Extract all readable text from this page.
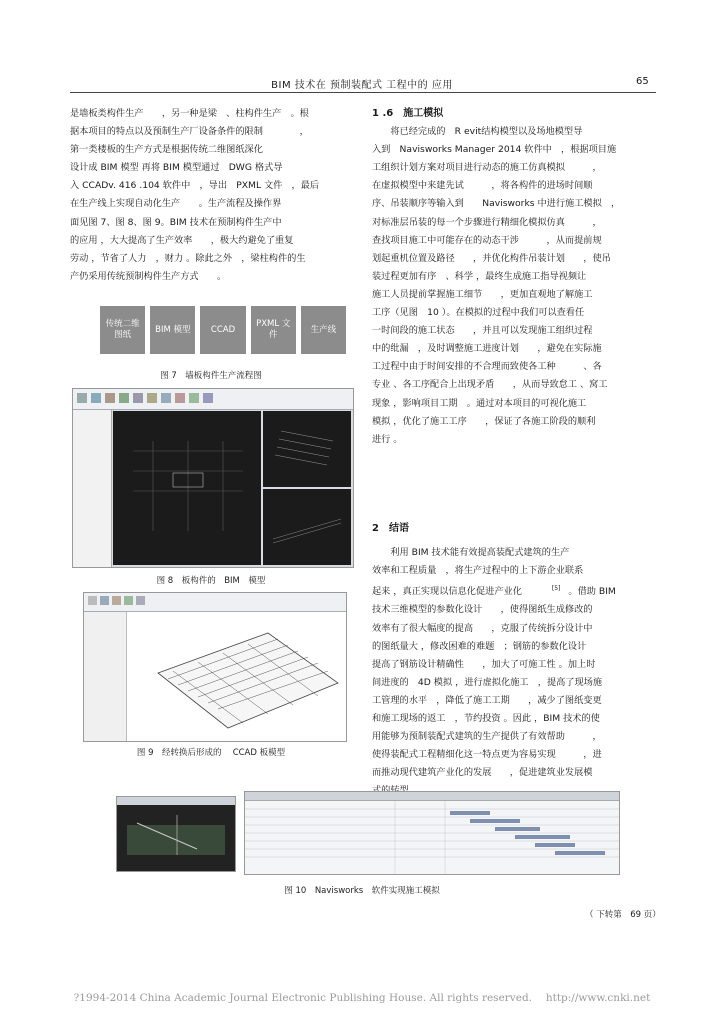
BIM 技术在 预制装配式 工程中的 应用	65
是墙板类构件生产　　，另一种是梁　、柱构件生产　。根
据本项目的特点以及预制生产厂设备条件的限制　　　　，
第一类楼板的生产方式是根据传统二维图纸深化
设计成 BIM 模型 再将 BIM 模型通过　DWG 格式导
入 CCADv. 416 .104 软件中　，导出　PXML 文件　，最后
在生产线上实现自动化生产　　。生产流程及操作界
面见图 7、图 8、图 9。BIM 技术在预制构件生产中
的应用 ，大大提高了生产效率　　，极大约避免了重复
劳动 ，节省了人力　，财力 。除此之外　，梁柱构件的生
产仍采用传统预制构件生产方式　　。
传统二维图纸
BIM 模型	CCAD
PXML 文件
生产线
图 7　墙板构件生产流程图
图 8　板构件的　BIM　模型
图 9　经转换后形成的　 CCAD 板模型
1 .6　施工模拟
　　将已经完成的　R evit结构模型以及场地模型导
入到　Navisworks Manager 2014 软件中　，根据项目施
工组织计划方案对项目进行动态的施工仿真模拟　　　，
在虚拟模型中来建先试　　　，将各构件的进场时间顺
序、吊装顺序等输入到　　Navisworks 中进行施工模拟　，
对标准层吊装的每一个步骤进行精细化模拟仿真　　　，
查找项目施工中可能存在的动态干涉　　　，从而提前规
划起重机位置及路径　　，并优化构件吊装计划　　，使吊
装过程更加有序　、科学 ，最终生成施工指导视频让
施工人员提前掌握施工细节　　，更加直观地了解施工
工序（见图　10 ）。在模拟的过程中我们可以查看任
一时间段的施工状态　　，并且可以发现施工组织过程
中的纰漏　，及时调整施工进度计划　　，避免在实际施
工过程中由于时间安排的不合理而致使各工种　　　、各
专业 、各工序配合上出现矛盾　　，从而导致怠工 、窝工
现象 ，影响项目工期　。通过对本项目的可视化施工
模拟 ，优化了施工工序　　，保证了各施工阶段的顺利
进行 。
2　结语
　　利用 BIM 技术能有效提高装配式建筑的生产
效率和工程质量　，将生产过程中的上下游企业联系
起来 ，真正实现以信息化促进产业化	[5] 。借助 BIM
技术三维模型的参数化设计　　，使得图纸生成修改的
效率有了很大幅度的提高　　，克服了传统拆分设计中
的图纸量大 ，修改困难的难题　；钢筋的参数化设计
提高了钢筋设计精确性　　，加大了可施工性 。加上时
间进度的　4D 模拟 ，进行虚拟化施工　，提高了现场施
工管理的水平　，降低了施工工期　　，减少了图纸变更
和施工现场的返工　，节约投资 。因此 ，BIM 技术的使
用能够为预制装配式建筑的生产提供了有效帮助　　　，
使得装配式工程精细化这一特点更为容易实现　　　，进
而推动现代建筑产业化的发展　　，促进建筑业发展模
图 10　Navisworks　软件实现施工模拟
（ 下转第　69 页）
?1994-2014 China Academic Journal Electronic Publishing House. All rights reserved.　 http://www.cnki.net
